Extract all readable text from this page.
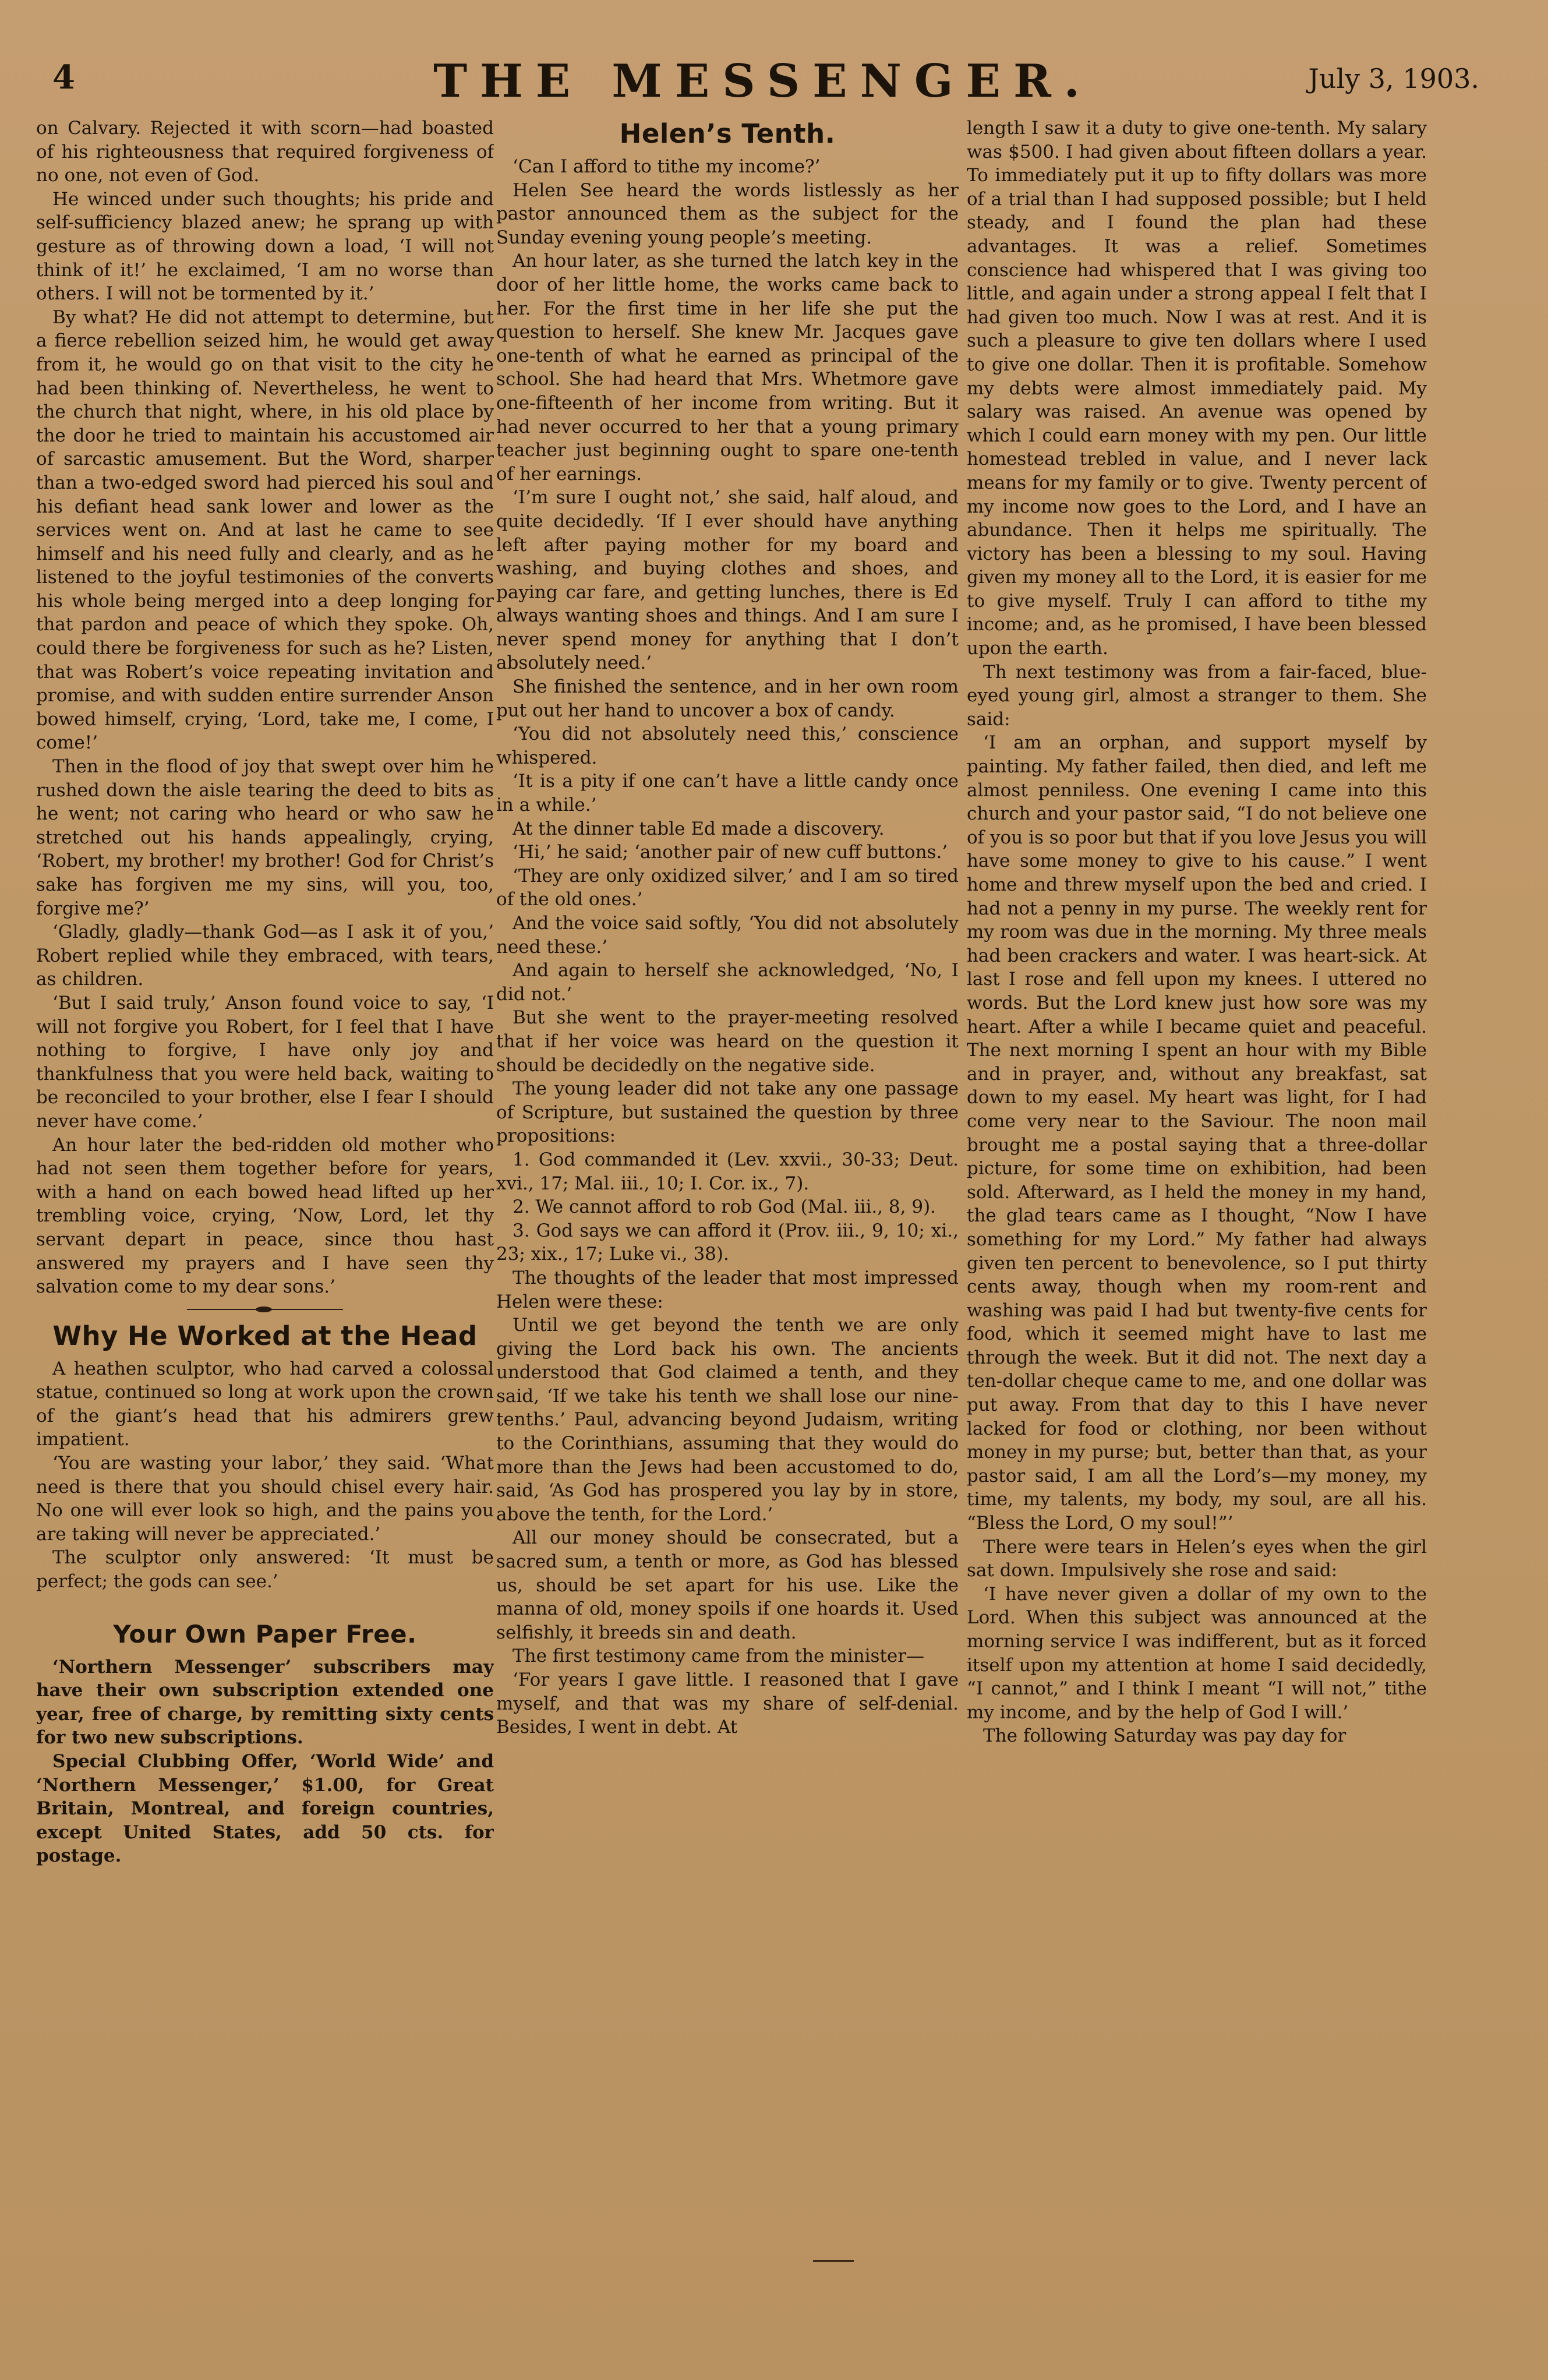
4	THE MESSENGER.	July 3, 1903.

on Calvary. Rejected it with scorn—had boasted of his righteousness that required forgiveness of no one, not even of God.

He winced under such thoughts; his pride and self-sufficiency blazed anew; he sprang up with gesture as of throwing down a load, ‘I will not think of it!’ he exclaimed, ‘I am no worse than others. I will not be tormented by it.’

By what? He did not attempt to determine, but a fierce rebellion seized him, he would get away from it, he would go on that visit to the city he had been thinking of. Nevertheless, he went to the church that night, where, in his old place by the door he tried to maintain his accustomed air of sarcastic amusement. But the Word, sharper than a two-edged sword had pierced his soul and his defiant head sank lower and lower as the services went on. And at last he came to see himself and his need fully and clearly, and as he listened to the joyful testimonies of the converts his whole being merged into a deep longing for that pardon and peace of which they spoke. Oh, could there be forgiveness for such as he? Listen, that was Robert’s voice repeating invitation and promise, and with sudden entire surrender Anson bowed himself, crying, ‘Lord, take me, I come, I come!’

Then in the flood of joy that swept over him he rushed down the aisle tearing the deed to bits as he went; not caring who heard or who saw he stretched out his hands appealingly, crying, ‘Robert, my brother! my brother! God for Christ’s sake has forgiven me my sins, will you, too, forgive me?’

‘Gladly, gladly—thank God—as I ask it of you,’ Robert replied while they embraced, with tears, as children.

‘But I said truly,’ Anson found voice to say, ‘I will not forgive you Robert, for I feel that I have nothing to forgive, I have only joy and thankfulness that you were held back, waiting to be reconciled to your brother, else I fear I should never have come.’

An hour later the bed-ridden old mother who had not seen them together before for years, with a hand on each bowed head lifted up her trembling voice, crying, ‘Now, Lord, let thy servant depart in peace, since thou hast answered my prayers and I have seen thy salvation come to my dear sons.’

Why He Worked at the Head

A heathen sculptor, who had carved a colossal statue, continued so long at work upon the crown of the giant’s head that his admirers grew impatient.

‘You are wasting your labor,’ they said. ‘What need is there that you should chisel every hair. No one will ever look so high, and the pains you are taking will never be appreciated.’

The sculptor only answered: ‘It must be perfect; the gods can see.’

Your Own Paper Free.

‘Northern Messenger’ subscribers may have their own subscription extended one year, free of charge, by remitting sixty cents for two new subscriptions.

Special Clubbing Offer, ‘World Wide’ and ‘Northern Messenger,’ $1.00, for Great Britain, Montreal, and foreign countries, except United States, add 50 cts. for postage.

Helen’s Tenth.

‘Can I afford to tithe my income?’

Helen See heard the words listlessly as her pastor announced them as the subject for the Sunday evening young people’s meeting.

An hour later, as she turned the latch key in the door of her little home, the works came back to her. For the first time in her life she put the question to herself. She knew Mr. Jacques gave one-tenth of what he earned as principal of the school. She had heard that Mrs. Whetmore gave one-fifteenth of her income from writing. But it had never occurred to her that a young primary teacher just beginning ought to spare one-tenth of her earnings.

‘I’m sure I ought not,’ she said, half aloud, and quite decidedly. ‘If I ever should have anything left after paying mother for my board and washing, and buying clothes and shoes, and paying car fare, and getting lunches, there is Ed always wanting shoes and things. And I am sure I never spend money for anything that I don’t absolutely need.’

She finished the sentence, and in her own room put out her hand to uncover a box of candy.

‘You did not absolutely need this,’ conscience whispered.

‘It is a pity if one can’t have a little candy once in a while.’

At the dinner table Ed made a discovery.

‘Hi,’ he said; ‘another pair of new cuff buttons.’

‘They are only oxidized silver,’ and I am so tired of the old ones.’

And the voice said softly, ‘You did not absolutely need these.’

And again to herself she acknowledged, ‘No, I did not.’

But she went to the prayer-meeting resolved that if her voice was heard on the question it should be decidedly on the negative side.

The young leader did not take any one passage of Scripture, but sustained the question by three propositions:

1. God commanded it (Lev. xxvii., 30-33; Deut. xvi., 17; Mal. iii., 10; I. Cor. ix., 7).

2. We cannot afford to rob God (Mal. iii., 8, 9).

3. God says we can afford it (Prov. iii., 9, 10; xi., 23; xix., 17; Luke vi., 38).

The thoughts of the leader that most impressed Helen were these:

Until we get beyond the tenth we are only giving the Lord back his own. The ancients understood that God claimed a tenth, and they said, ‘If we take his tenth we shall lose our nine-tenths.’ Paul, advancing beyond Judaism, writing to the Corinthians, assuming that they would do more than the Jews had been accustomed to do, said, ‘As God has prospered you lay by in store, above the tenth, for the Lord.’

All our money should be consecrated, but a sacred sum, a tenth or more, as God has blessed us, should be set apart for his use. Like the manna of old, money spoils if one hoards it. Used selfishly, it breeds sin and death.

The first testimony came from the minister—

‘For years I gave little. I reasoned that I gave myself, and that was my share of self-denial. Besides, I went in debt. At

length I saw it a duty to give one-tenth. My salary was $500. I had given about fifteen dollars a year. To immediately put it up to fifty dollars was more of a trial than I had supposed possible; but I held steady, and I found the plan had these advantages. It was a relief. Sometimes conscience had whispered that I was giving too little, and again under a strong appeal I felt that I had given too much. Now I was at rest. And it is such a pleasure to give ten dollars where I used to give one dollar. Then it is profitable. Somehow my debts were almost immediately paid. My salary was raised. An avenue was opened by which I could earn money with my pen. Our little homestead trebled in value, and I never lack means for my family or to give. Twenty percent of my income now goes to the Lord, and I have an abundance. Then it helps me spiritually. The victory has been a blessing to my soul. Having given my money all to the Lord, it is easier for me to give myself. Truly I can afford to tithe my income; and, as he promised, I have been blessed upon the earth.

Th next testimony was from a fair-faced, blue-eyed young girl, almost a stranger to them. She said:

‘I am an orphan, and support myself by painting. My father failed, then died, and left me almost penniless. One evening I came into this church and your pastor said, “I do not believe one of you is so poor but that if you love Jesus you will have some money to give to his cause.” I went home and threw myself upon the bed and cried. I had not a penny in my purse. The weekly rent for my room was due in the morning. My three meals had been crackers and water. I was heart-sick. At last I rose and fell upon my knees. I uttered no words. But the Lord knew just how sore was my heart. After a while I became quiet and peaceful. The next morning I spent an hour with my Bible and in prayer, and, without any breakfast, sat down to my easel. My heart was light, for I had come very near to the Saviour. The noon mail brought me a postal saying that a three-dollar picture, for some time on exhibition, had been sold. Afterward, as I held the money in my hand, the glad tears came as I thought, “Now I have something for my Lord.” My father had always given ten percent to benevolence, so I put thirty cents away, though when my room-rent and washing was paid I had but twenty-five cents for food, which it seemed might have to last me through the week. But it did not. The next day a ten-dollar cheque came to me, and one dollar was put away. From that day to this I have never lacked for food or clothing, nor been without money in my purse; but, better than that, as your pastor said, I am all the Lord’s—my money, my time, my talents, my body, my soul, are all his. “Bless the Lord, O my soul!”’

There were tears in Helen’s eyes when the girl sat down. Impulsively she rose and said:

‘I have never given a dollar of my own to the Lord. When this subject was announced at the morning service I was indifferent, but as it forced itself upon my attention at home I said decidedly, “I cannot,” and I think I meant “I will not,” tithe my income, and by the help of God I will.’

The following Saturday was pay day for
